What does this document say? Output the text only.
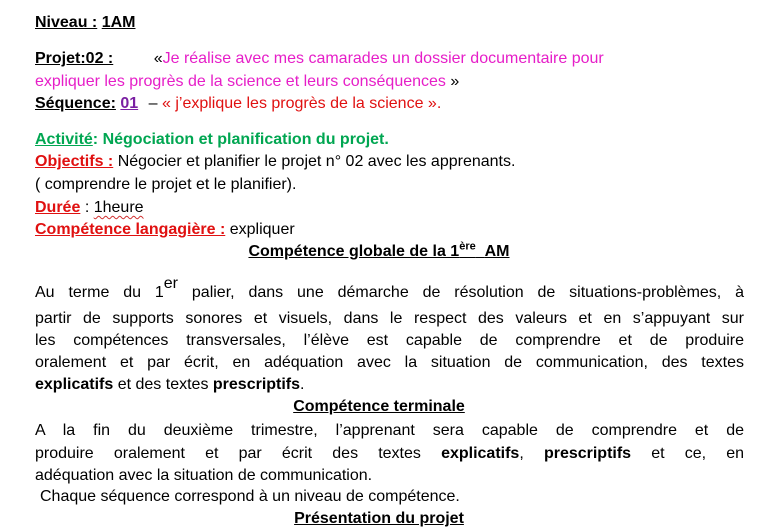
Niveau : 1AM
Projet:02 :	«Je réalise avec mes camarades un dossier documentaire pour
expliquer les progrès de la science et leurs conséquences »
Séquence: 01 – « j’explique les progrès de la science ».
Activité: Négociation et planification du projet.
Objectifs : Négocier et planifier le projet n° 02 avec les apprenants.
( comprendre le projet et le planifier).
Durée : 1heure
Compétence langagière : expliquer
Compétence globale de la 1ère AM
Au terme du 1er palier, dans une démarche de résolution de situations-problèmes, à
partir de supports sonores et visuels, dans le respect des valeurs et en s’appuyant sur
les compétences transversales, l’élève est capable de comprendre et de produire
oralement et par écrit, en adéquation avec la situation de communication, des textes
explicatifs et des textes prescriptifs.
Compétence terminale
A la fin du deuxième trimestre, l’apprenant sera capable de comprendre et de
produire oralement et par écrit des textes explicatifs, prescriptifs et ce, en
adéquation avec la situation de communication.
Chaque séquence correspond à un niveau de compétence.
Présentation du projet
